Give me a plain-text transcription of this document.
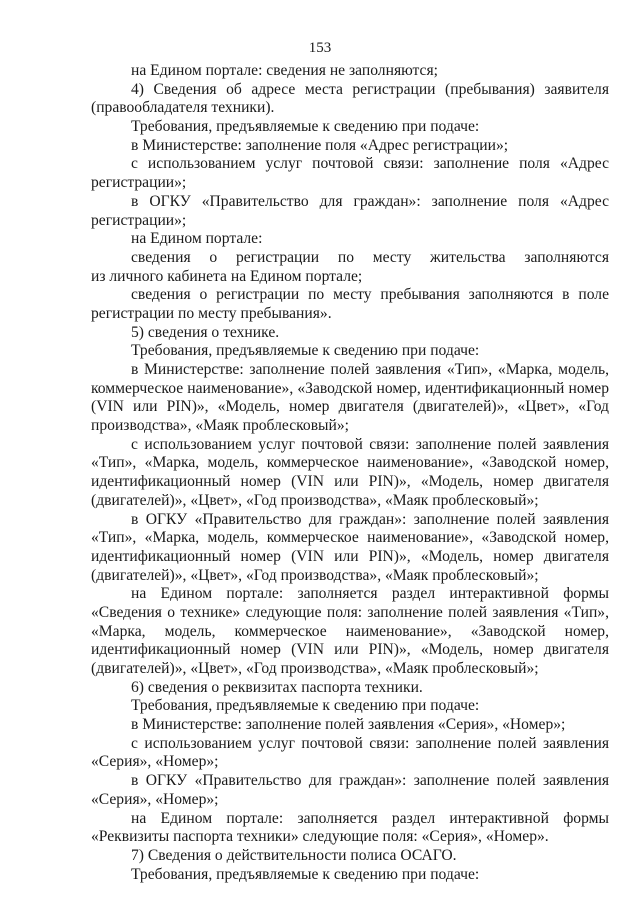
153
на Едином портале: сведения не заполняются;
4) Сведения об адресе места регистрации (пребывания) заявителя
(правообладателя техники).
Требования, предъявляемые к сведению при подаче:
в Министерстве: заполнение поля «Адрес регистрации»;
с использованием услуг почтовой связи: заполнение поля «Адрес
регистрации»;
в ОГКУ «Правительство для граждан»: заполнение поля «Адрес
регистрации»;
на Едином портале:
сведения о регистрации по месту жительства заполняются
из личного кабинета на Едином портале;
сведения о регистрации по месту пребывания заполняются в поле
регистрации по месту пребывания».
5) сведения о технике.
Требования, предъявляемые к сведению при подаче:
в Министерстве: заполнение полей заявления «Тип», «Марка, модель,
коммерческое наименование», «Заводской номер, идентификационный номер
(VIN или PIN)», «Модель, номер двигателя (двигателей)», «Цвет», «Год
производства», «Маяк проблесковый»;
с использованием услуг почтовой связи: заполнение полей заявления
«Тип», «Марка, модель, коммерческое наименование», «Заводской номер,
идентификационный номер (VIN или PIN)», «Модель, номер двигателя
(двигателей)», «Цвет», «Год производства», «Маяк проблесковый»;
в ОГКУ «Правительство для граждан»: заполнение полей заявления
«Тип», «Марка, модель, коммерческое наименование», «Заводской номер,
идентификационный номер (VIN или PIN)», «Модель, номер двигателя
(двигателей)», «Цвет», «Год производства», «Маяк проблесковый»;
на Едином портале: заполняется раздел интерактивной формы
«Сведения о технике» следующие поля: заполнение полей заявления «Тип»,
«Марка, модель, коммерческое наименование», «Заводской номер,
идентификационный номер (VIN или PIN)», «Модель, номер двигателя
(двигателей)», «Цвет», «Год производства», «Маяк проблесковый»;
6) сведения о реквизитах паспорта техники.
Требования, предъявляемые к сведению при подаче:
в Министерстве: заполнение полей заявления «Серия», «Номер»;
с использованием услуг почтовой связи: заполнение полей заявления
«Серия», «Номер»;
в ОГКУ «Правительство для граждан»: заполнение полей заявления
«Серия», «Номер»;
на Едином портале: заполняется раздел интерактивной формы
«Реквизиты паспорта техники» следующие поля: «Серия», «Номер».
7) Сведения о действительности полиса ОСАГО.
Требования, предъявляемые к сведению при подаче:
